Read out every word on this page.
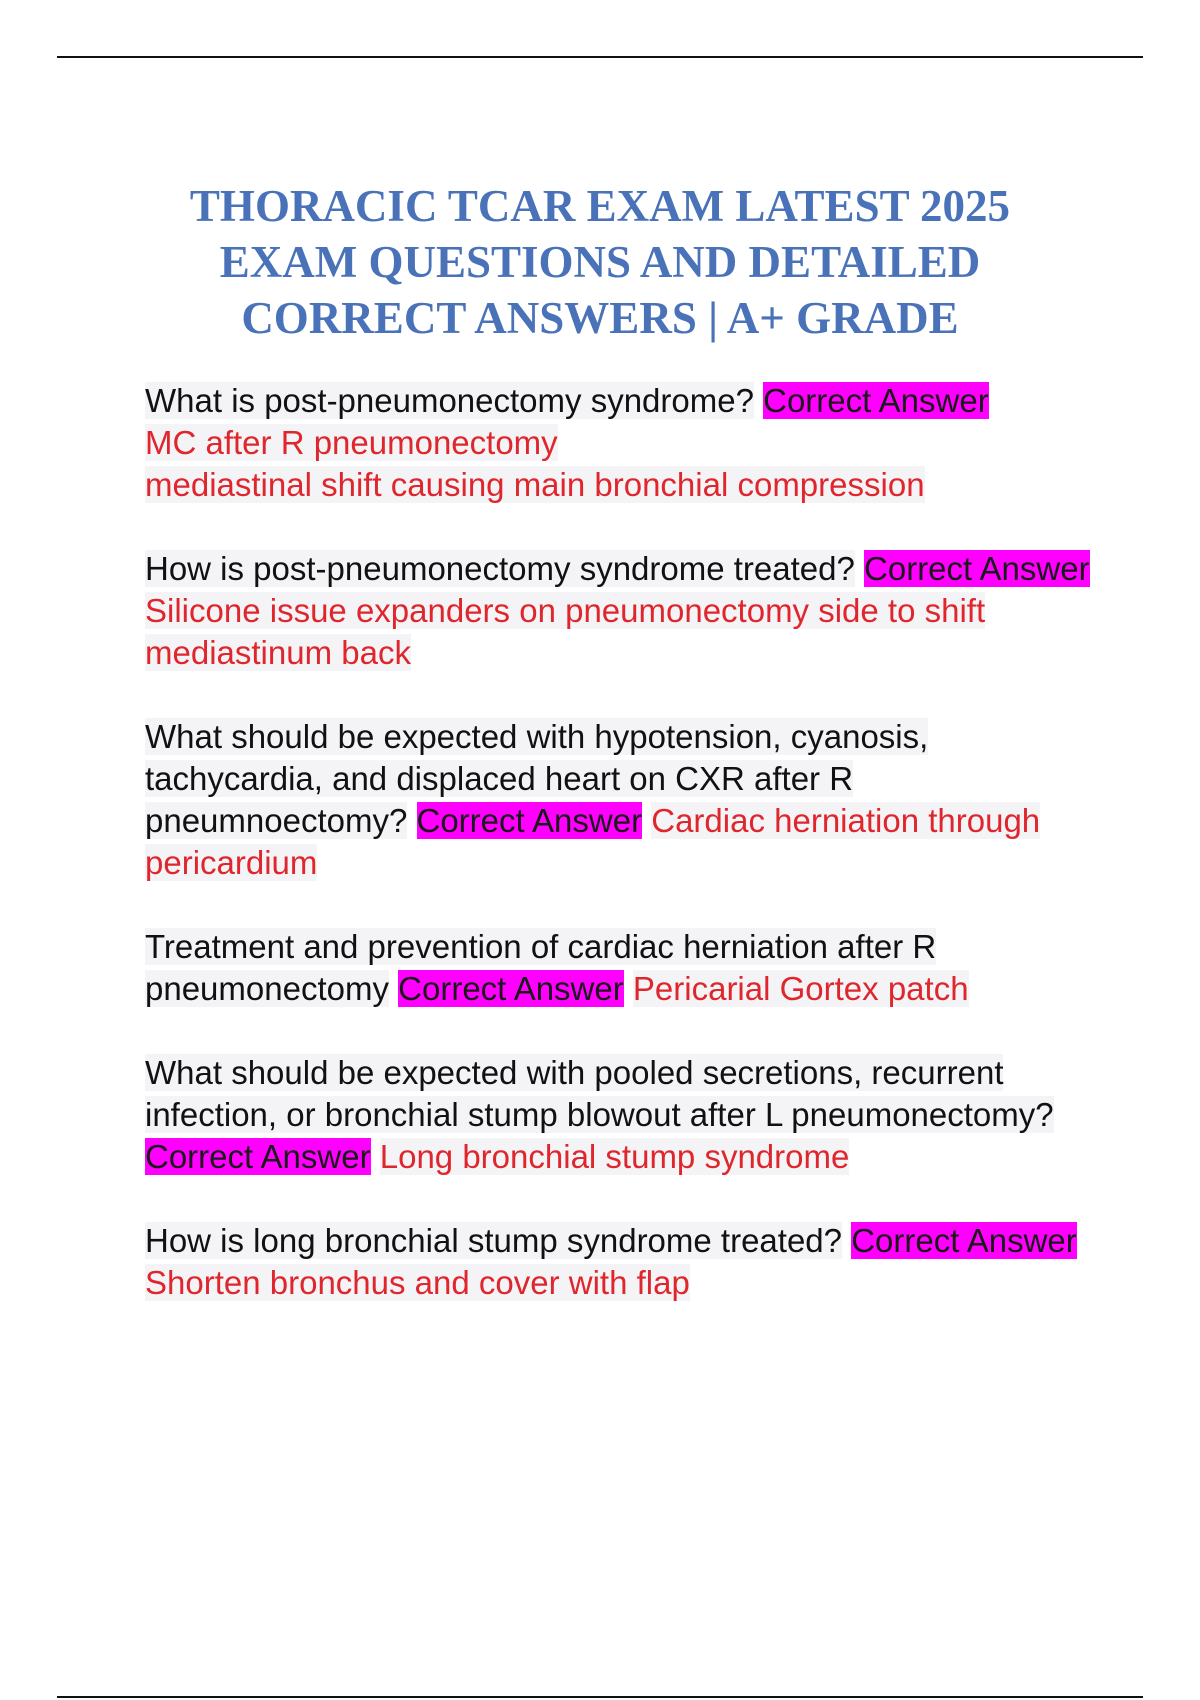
THORACIC TCAR EXAM LATEST 2025
EXAM QUESTIONS AND DETAILED
CORRECT ANSWERS | A+ GRADE
What is post-pneumonectomy syndrome? Correct Answer
MC after R pneumonectomy
mediastinal shift causing main bronchial compression
How is post-pneumonectomy syndrome treated? Correct Answer Silicone issue expanders on pneumonectomy side to shift mediastinum back
What should be expected with hypotension, cyanosis, tachycardia, and displaced heart on CXR after R pneumnoectomy? Correct Answer Cardiac herniation through pericardium
Treatment and prevention of cardiac herniation after R pneumonectomy Correct Answer Pericarial Gortex patch
What should be expected with pooled secretions, recurrent infection, or bronchial stump blowout after L pneumonectomy? Correct Answer Long bronchial stump syndrome
How is long bronchial stump syndrome treated? Correct Answer Shorten bronchus and cover with flap
